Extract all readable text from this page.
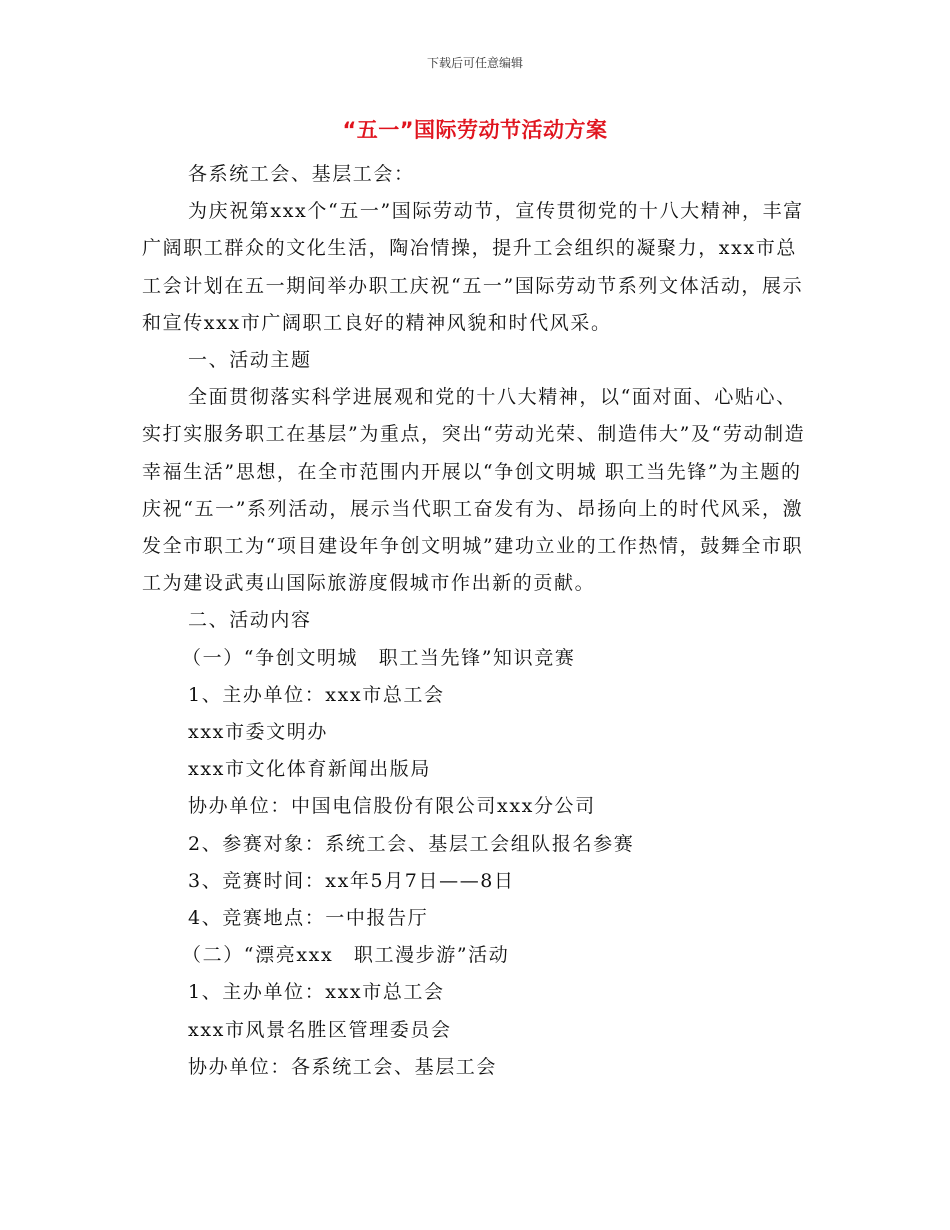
下载后可任意编辑
“五一”国际劳动节活动方案

各系统工会、基层工会：

为庆祝第xxx个“五一”国际劳动节，宣传贯彻党的十八大精神，丰富广阔职工群众的文化生活，陶冶情操，提升工会组织的凝聚力，xxx市总工会计划在五一期间举办职工庆祝“五一”国际劳动节系列文体活动，展示和宣传xxx市广阔职工良好的精神风貌和时代风采。

一、活动主题

全面贯彻落实科学进展观和党的十八大精神，以“面对面、心贴心、实打实服务职工在基层”为重点，突出“劳动光荣、制造伟大”及“劳动制造幸福生活”思想，在全市范围内开展以“争创文明城 职工当先锋”为主题的庆祝“五一”系列活动，展示当代职工奋发有为、昂扬向上的时代风采，激发全市职工为“项目建设年争创文明城”建功立业的工作热情，鼓舞全市职工为建设武夷山国际旅游度假城市作出新的贡献。

二、活动内容

（一）“争创文明城　职工当先锋”知识竞赛

1、主办单位：xxx市总工会

xxx市委文明办

xxx市文化体育新闻出版局

协办单位：中国电信股份有限公司xxx分公司

2、参赛对象：系统工会、基层工会组队报名参赛

3、竞赛时间：xx年5月7日——8日

4、竞赛地点：一中报告厅

（二）“漂亮xxx　职工漫步游”活动

1、主办单位：xxx市总工会

xxx市风景名胜区管理委员会

协办单位：各系统工会、基层工会
